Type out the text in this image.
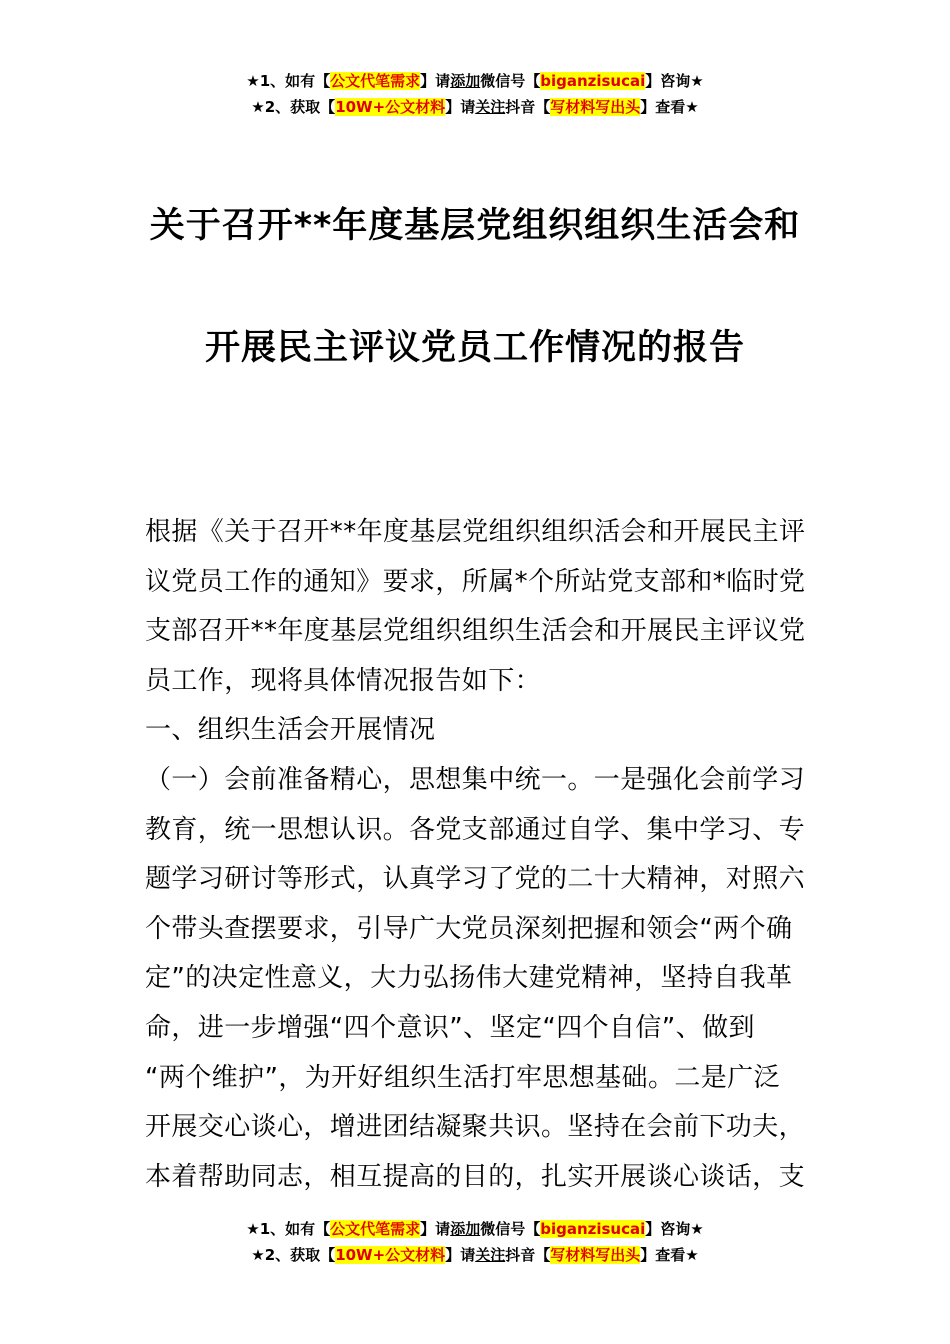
★1、如有【公文代笔需求】请添加微信号【biganzisucai】咨询★
★2、获取【10W+公文材料】请关注抖音【写材料写出头】查看★
关于召开**年度基层党组织组织生活会和
开展民主评议党员工作情况的报告
根据《关于召开**年度基层党组织组织活会和开展民主评
议党员工作的通知》要求，所属*个所站党支部和*临时党
支部召开**年度基层党组织组织生活会和开展民主评议党
员工作，现将具体情况报告如下：
一、组织生活会开展情况
（一）会前准备精心，思想集中统一。一是强化会前学习
教育，统一思想认识。各党支部通过自学、集中学习、专
题学习研讨等形式，认真学习了党的二十大精神，对照六
个带头查摆要求，引导广大党员深刻把握和领会“两个确
定”的决定性意义，大力弘扬伟大建党精神，坚持自我革
命，进一步增强“四个意识”、坚定“四个自信”、做到
“两个维护”，为开好组织生活打牢思想基础。二是广泛
开展交心谈心，增进团结凝聚共识。坚持在会前下功夫，
本着帮助同志，相互提高的目的，扎实开展谈心谈话，支
★1、如有【公文代笔需求】请添加微信号【biganzisucai】咨询★
★2、获取【10W+公文材料】请关注抖音【写材料写出头】查看★
